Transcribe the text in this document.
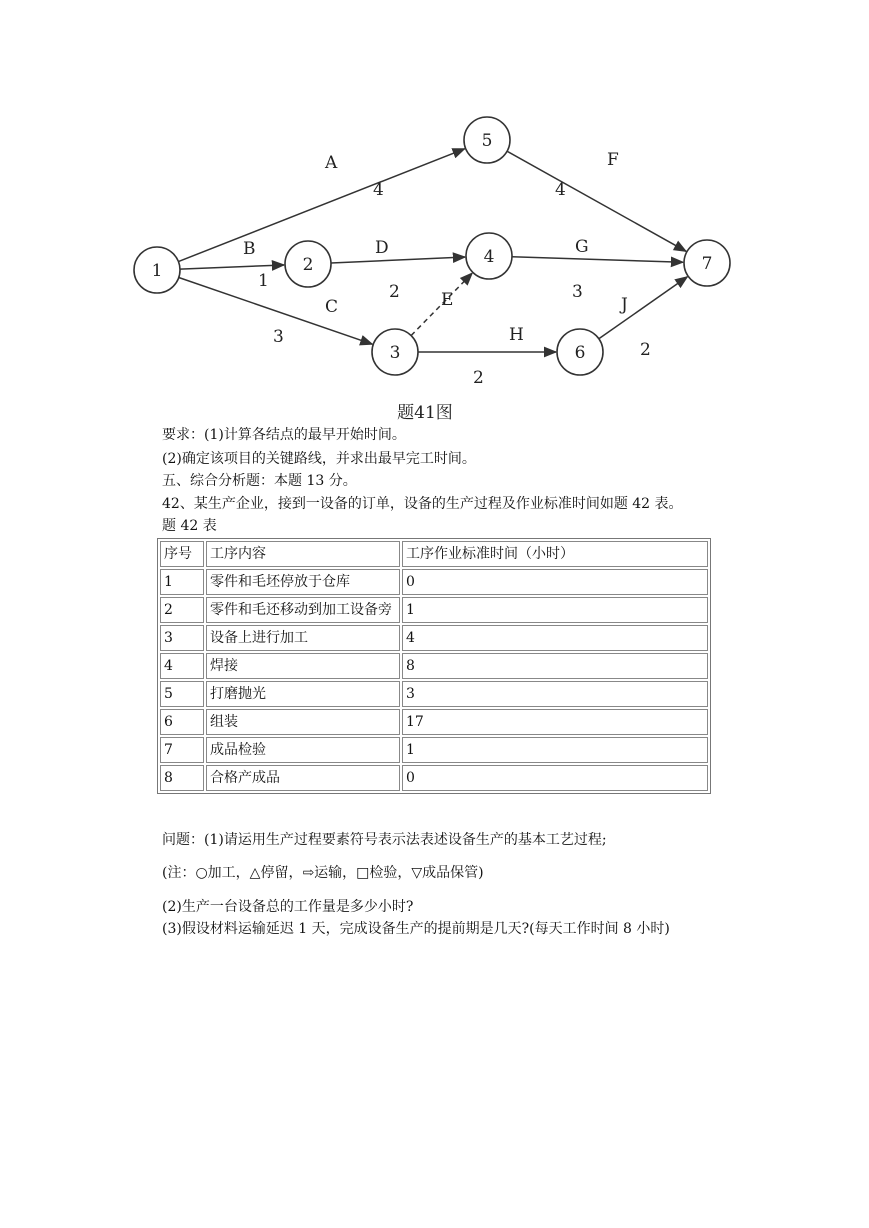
A
4
B
1
C
3
D
2 E
H
2
F
4
G
3
J
2
1	2
3
4
5
6
7
题41图
要求：(1)计算各结点的最早开始时间。
(2)确定该项目的关键路线，并求出最早完工时间。
五、综合分析题：本题 13 分。
42、某生产企业，接到一设备的订单，设备的生产过程及作业标准时间如题 42 表。
题 42 表
序号	工序内容	工序作业标准时间（小时）
1	零件和毛坯停放于仓库	0
2	零件和毛还移动到加工设备旁	1
3	设备上进行加工	4
4	焊接	8
5	打磨抛光	3
6	组装	17
7	成品检验	1
8	合格产成品	0
问题：(1)请运用生产过程要素符号表示法表述设备生产的基本工艺过程;
(注：○加工，△停留，⇨运输，□检验，▽成品保管)
(2)生产一台设备总的工作量是多少小时?
(3)假设材料运输延迟 1 天，完成设备生产的提前期是几天?(每天工作时间 8 小时)
